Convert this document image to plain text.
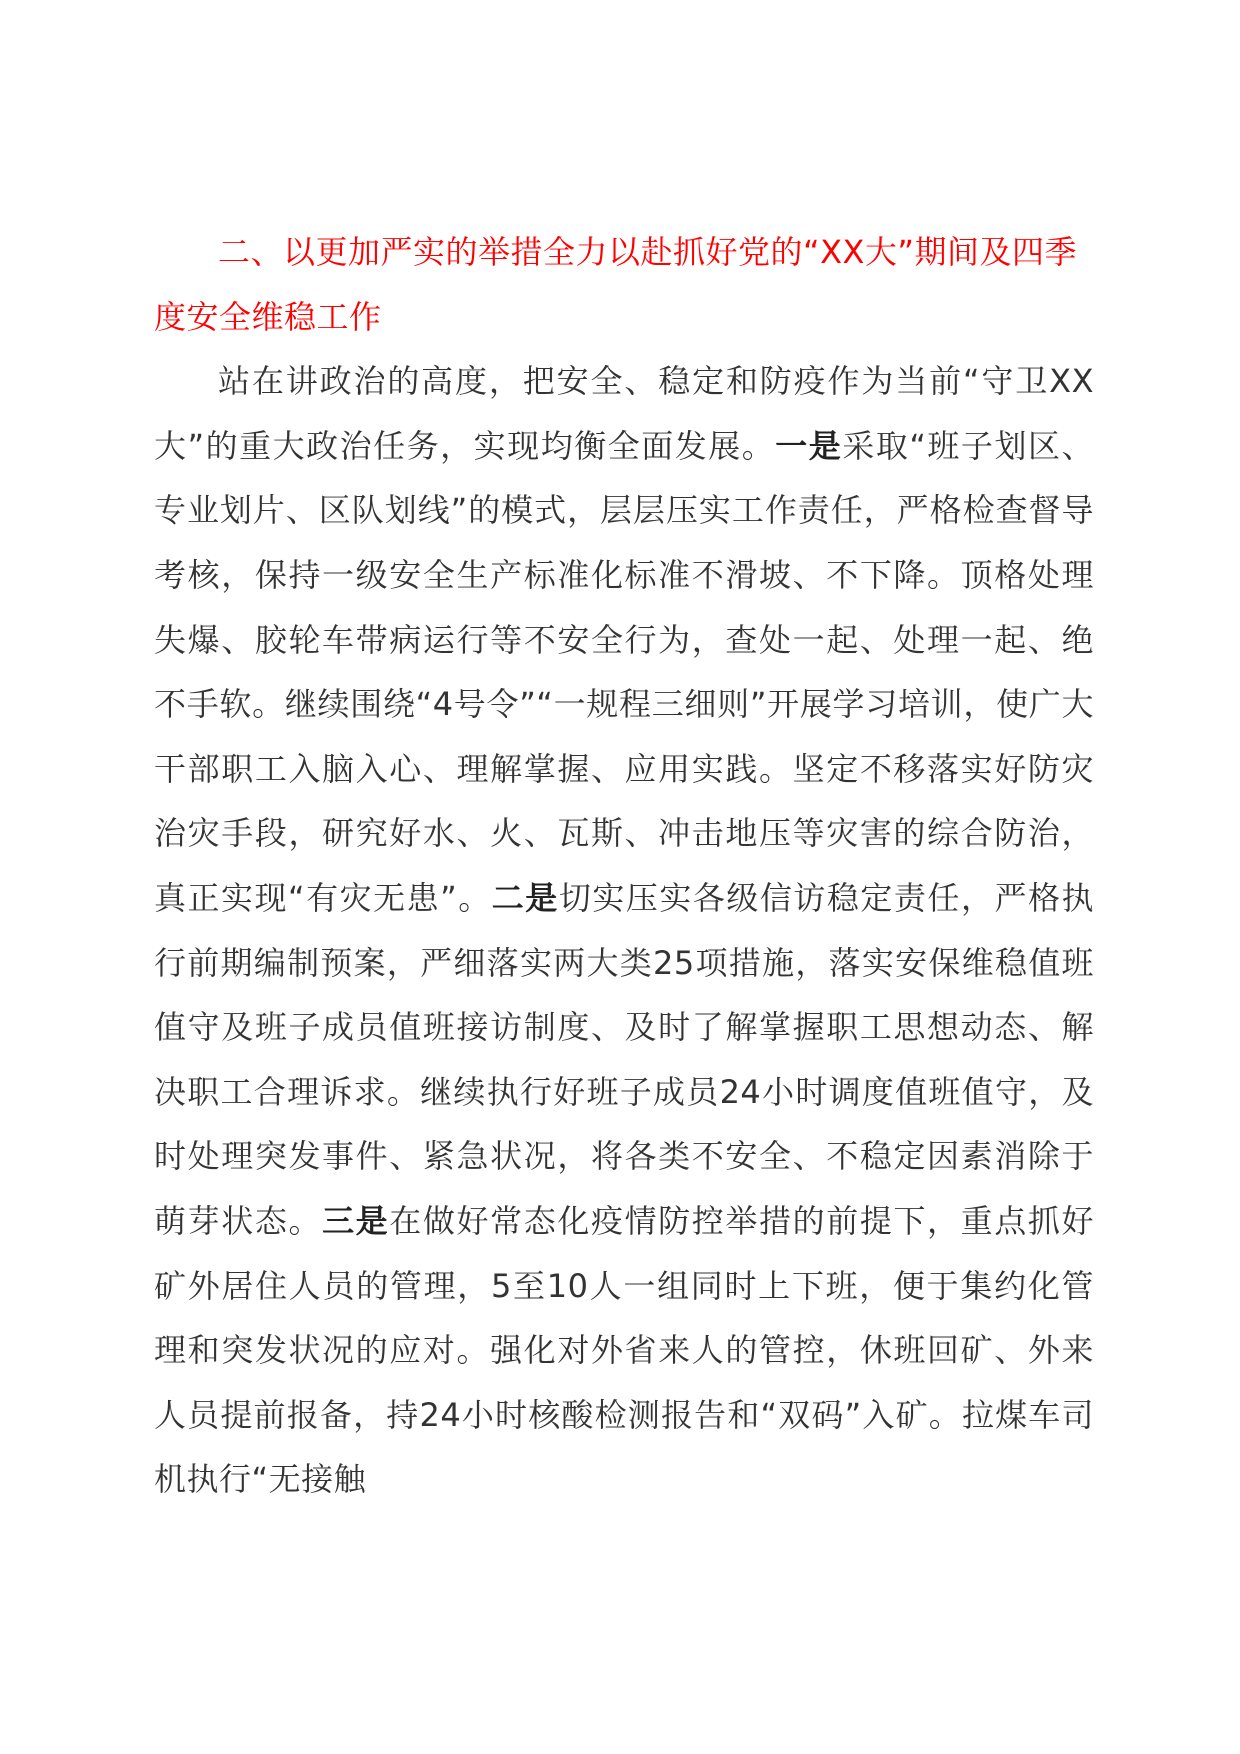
二、以更加严实的举措全力以赴抓好党的“XX大”期间及四季度安全维稳工作

站在讲政治的高度，把安全、稳定和防疫作为当前“守卫XX大”的重大政治任务，实现均衡全面发展。一是采取“班子划区、专业划片、区队划线”的模式，层层压实工作责任，严格检查督导考核，保持一级安全生产标准化标准不滑坡、不下降。顶格处理失爆、胶轮车带病运行等不安全行为，查处一起、处理一起、绝不手软。继续围绕“4号令”“一规程三细则”开展学习培训，使广大干部职工入脑入心、理解掌握、应用实践。坚定不移落实好防灾治灾手段，研究好水、火、瓦斯、冲击地压等灾害的综合防治，真正实现“有灾无患”。二是切实压实各级信访稳定责任，严格执行前期编制预案，严细落实两大类25项措施，落实安保维稳值班值守及班子成员值班接访制度、及时了解掌握职工思想动态、解决职工合理诉求。继续执行好班子成员24小时调度值班值守，及时处理突发事件、紧急状况，将各类不安全、不稳定因素消除于萌芽状态。三是在做好常态化疫情防控举措的前提下，重点抓好矿外居住人员的管理，5至10人一组同时上下班，便于集约化管理和突发状况的应对。强化对外省来人的管控，休班回矿、外来人员提前报备，持24小时核酸检测报告和“双码”入矿。拉煤车司机执行“无接触
